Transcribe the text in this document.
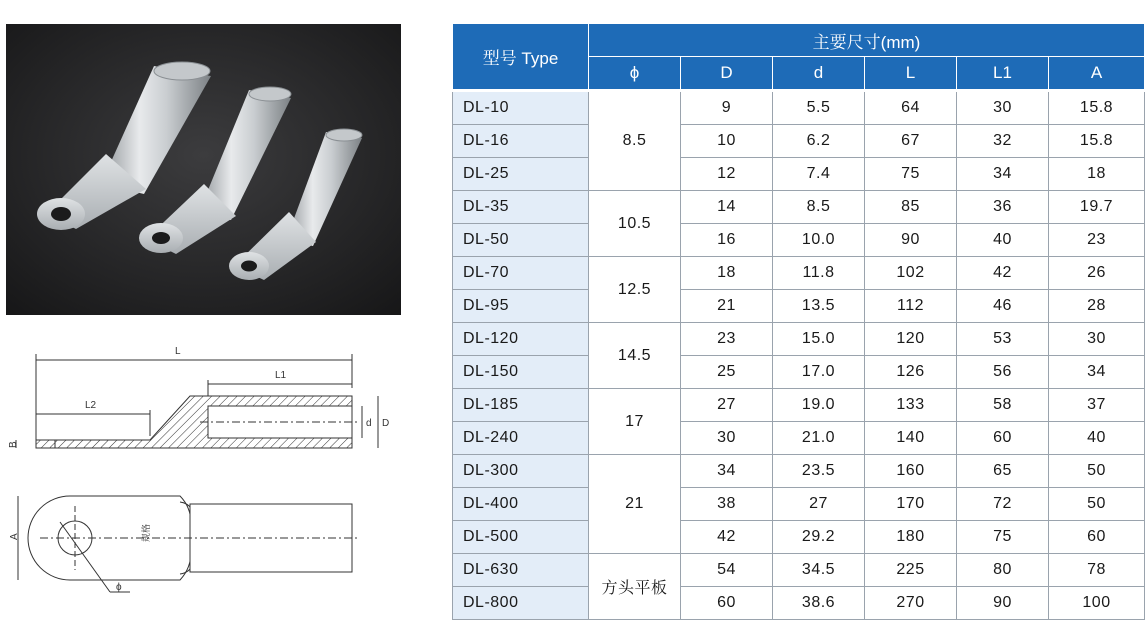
L
L1
L2
B
d D
A
ϕ
规格
型号 Type	主要尺寸(mm)					
	ϕ	D	d	L	L1	A
DL-10	8.5	9	5.5	64	30	15.8
DL-16		10	6.2	67	32	15.8
DL-25		12	7.4	75	34	18
DL-35	10.5	14	8.5	85	36	19.7
DL-50		16	10.0	90	40	23
DL-70	12.5	18	11.8	102	42	26
DL-95		21	13.5	112	46	28
DL-120	14.5	23	15.0	120	53	30
DL-150		25	17.0	126	56	34
DL-185	17	27	19.0	133	58	37
DL-240		30	21.0	140	60	40
DL-300	21	34	23.5	160	65	50
DL-400		38	27	170	72	50
DL-500		42	29.2	180	75	60
DL-630	方头平板	54	34.5	225	80	78
DL-800		60	38.6	270	90	100
